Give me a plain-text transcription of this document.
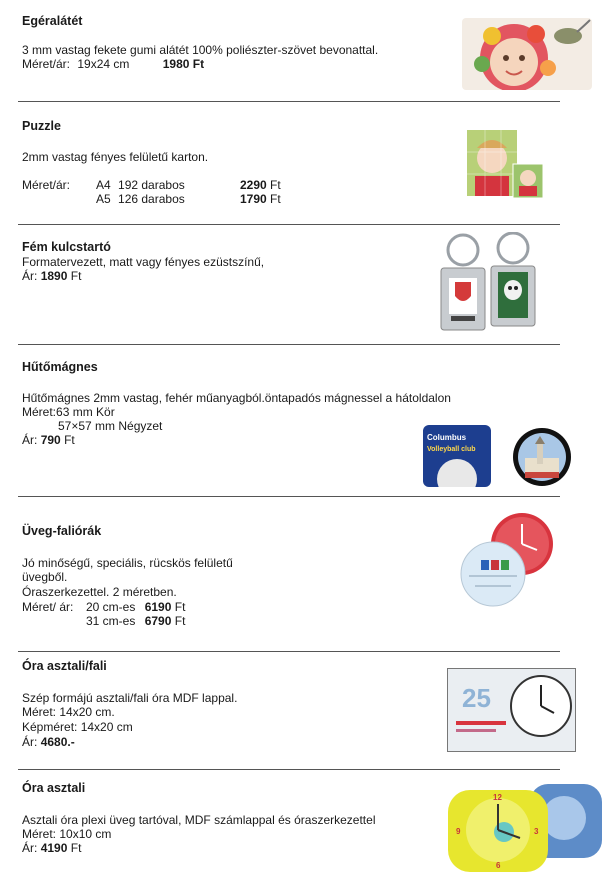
Egéralátét
3 mm vastag fekete gumi alátét 100% poliészter-szövet bevonattal.
Méret/ár: 19x24 cm	1980 Ft
Puzzle
2mm vastag fényes felületű karton.
Méret/ár: A4 192 darabos	2290 Ft
A5 126 darabos	1790 Ft
Fém kulcstartó
Formatervezett, matt vagy fényes ezüstszínű,
Ár: 1890 Ft
Hűtőmágnes
Hűtőmágnes 2mm vastag, fehér műanyagból.öntapadós mágnessel a hátoldalon
Méret:63 mm Kör
57×57 mm Négyzet
Ár: 790 Ft	Columbus
Volleyball club
Üveg-faliórák
Jó minőségű, speciális, rücskös felületű
üvegből.
Óraszerkezettel. 2 méretben.
Méret/ ár: 20 cm-es 6190 Ft
31 cm-es 6790 Ft
Óra asztali/fali
Szép formájú asztali/fali óra MDF lappal.
Méret: 14x20 cm.
Képméret: 14x20 cm
Ár: 4680.-
25
Óra asztali
Asztali óra plexi üveg tartóval, MDF számlappal és óraszerkezettel
Méret: 10x10 cm
Ár: 4190 Ft
12
9	3
6
